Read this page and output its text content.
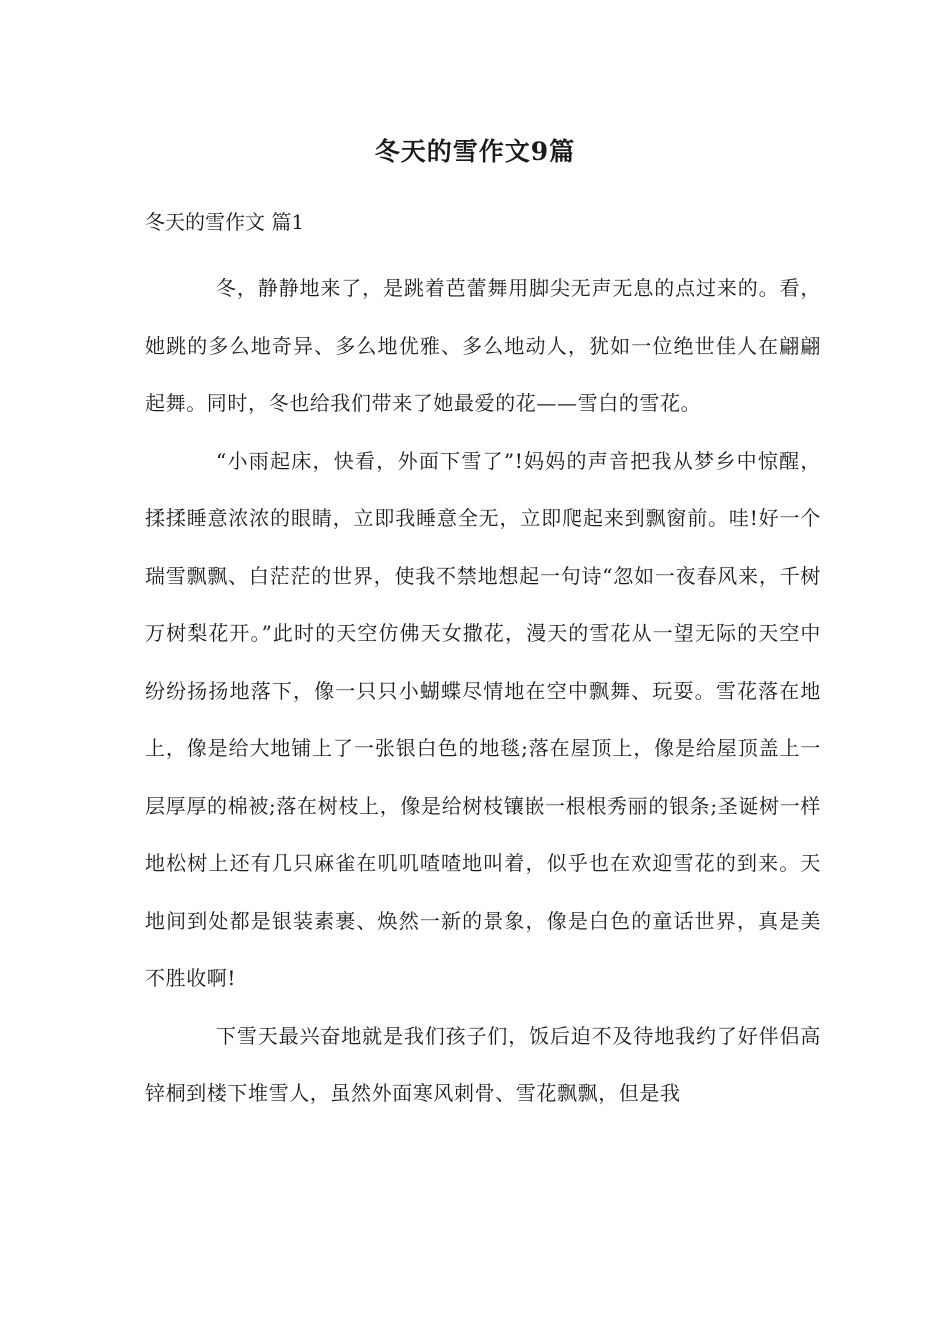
冬天的雪作文9篇
冬天的雪作文 篇1

冬，静静地来了，是跳着芭蕾舞用脚尖无声无息的点过来的。看，她跳的多么地奇异、多么地优雅、多么地动人，犹如一位绝世佳人在翩翩起舞。同时，冬也给我们带来了她最爱的花——雪白的雪花。

“小雨起床，快看，外面下雪了”!妈妈的声音把我从梦乡中惊醒，揉揉睡意浓浓的眼睛，立即我睡意全无，立即爬起来到飘窗前。哇!好一个瑞雪飘飘、白茫茫的世界，使我不禁地想起一句诗“忽如一夜春风来，千树万树梨花开。”此时的天空仿佛天女撒花，漫天的雪花从一望无际的天空中纷纷扬扬地落下，像一只只小蝴蝶尽情地在空中飘舞、玩耍。雪花落在地上，像是给大地铺上了一张银白色的地毯;落在屋顶上，像是给屋顶盖上一层厚厚的棉被;落在树枝上，像是给树枝镶嵌一根根秀丽的银条;圣诞树一样地松树上还有几只麻雀在叽叽喳喳地叫着，似乎也在欢迎雪花的到来。天地间到处都是银装素裹、焕然一新的景象，像是白色的童话世界，真是美不胜收啊!

下雪天最兴奋地就是我们孩子们，饭后迫不及待地我约了好伴侣高锌桐到楼下堆雪人，虽然外面寒风刺骨、雪花飘飘，但是我
